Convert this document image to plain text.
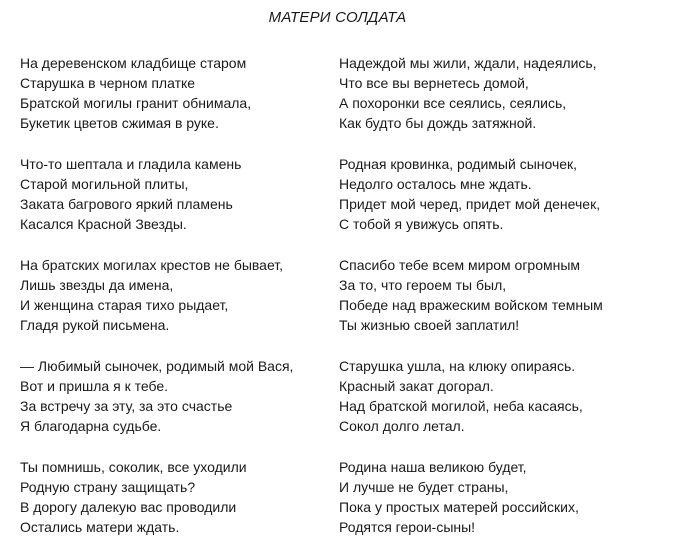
МАТЕРИ СОЛДАТА
На деревенском кладбище старом
Старушка в черном платке
Братской могилы гранит обнимала,
Букетик цветов сжимая в руке.
Что-то шептала и гладила камень
Старой могильной плиты,
Заката багрового яркий пламень
Касался Красной Звезды.
На братских могилах крестов не бывает,
Лишь звезды да имена,
И женщина старая тихо рыдает,
Гладя рукой письмена.
— Любимый сыночек, родимый мой Вася,
Вот и пришла я к тебе.
За встречу за эту, за это счастье
Я благодарна судьбе.
Ты помнишь, соколик, все уходили
Родную страну защищать?
В дорогу далекую вас проводили
Остались матери ждать.
Надеждой мы жили, ждали, надеялись,
Что все вы вернетесь домой,
А похоронки все сеялись, сеялись,
Как будто бы дождь затяжной.
Родная кровинка, родимый сыночек,
Недолго осталось мне ждать.
Придет мой черед, придет мой денечек,
С тобой я увижусь опять.
Спасибо тебе всем миром огромным
За то, что героем ты был,
Победе над вражеским войском темным
Ты жизнью своей заплатил!
Старушка ушла, на клюку опираясь.
Красный закат догорал.
Над братской могилой, неба касаясь,
Сокол долго летал.
Родина наша великою будет,
И лучше не будет страны,
Пока у простых матерей российских,
Родятся герои-сыны!
